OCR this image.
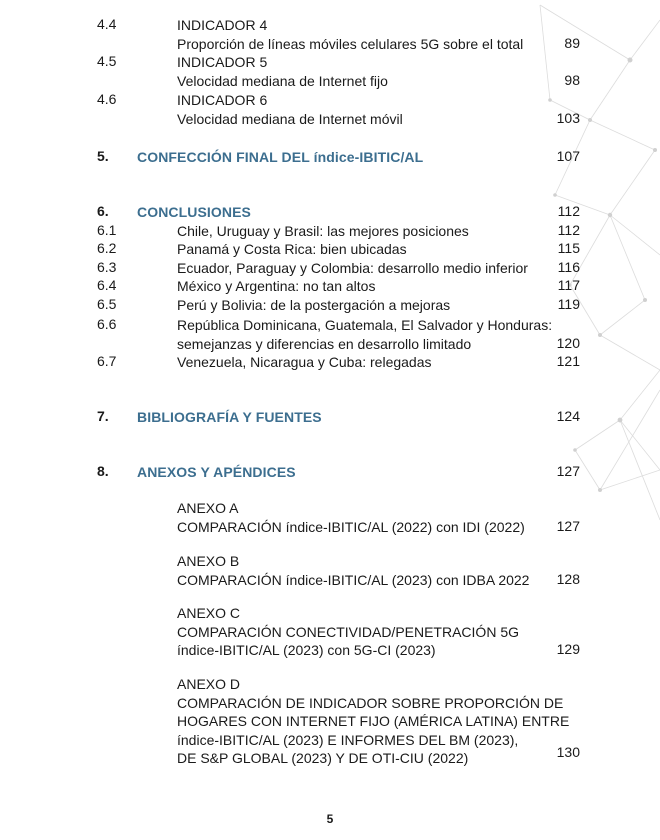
4.4	INDICADOR 4
Proporción de líneas móviles celulares 5G sobre el total	89
4.5	INDICADOR 5
Velocidad mediana de Internet fijo	98
4.6	INDICADOR 6
Velocidad mediana de Internet móvil	103
5. CONFECCIÓN FINAL DEL índice-IBITIC/AL	107
6. CONCLUSIONES	112
6.1	Chile, Uruguay y Brasil: las mejores posiciones	112
6.2	Panamá y Costa Rica: bien ubicadas	115
6.3	Ecuador, Paraguay y Colombia: desarrollo medio inferior	116
6.4	México y Argentina: no tan altos	117
6.5	Perú y Bolivia: de la postergación a mejoras	119
6.6	República Dominicana, Guatemala, El Salvador y Honduras:
semejanzas y diferencias en desarrollo limitado	120
6.7	Venezuela, Nicaragua y Cuba: relegadas	121
7. BIBLIOGRAFÍA Y FUENTES	124
8. ANEXOS Y APÉNDICES	127
ANEXO A
COMPARACIÓN índice-IBITIC/AL (2022) con IDI (2022)	127
ANEXO B
COMPARACIÓN índice-IBITIC/AL (2023) con IDBA 2022	128
ANEXO C
COMPARACIÓN CONECTIVIDAD/PENETRACIÓN 5G
índice-IBITIC/AL (2023) con 5G-CI (2023)	129
ANEXO D
COMPARACIÓN DE INDICADOR SOBRE PROPORCIÓN DE
HOGARES CON INTERNET FIJO (AMÉRICA LATINA) ENTRE
índice-IBITIC/AL (2023) E INFORMES DEL BM (2023),
DE S&P GLOBAL (2023) Y DE OTI-CIU (2022)	130
5
